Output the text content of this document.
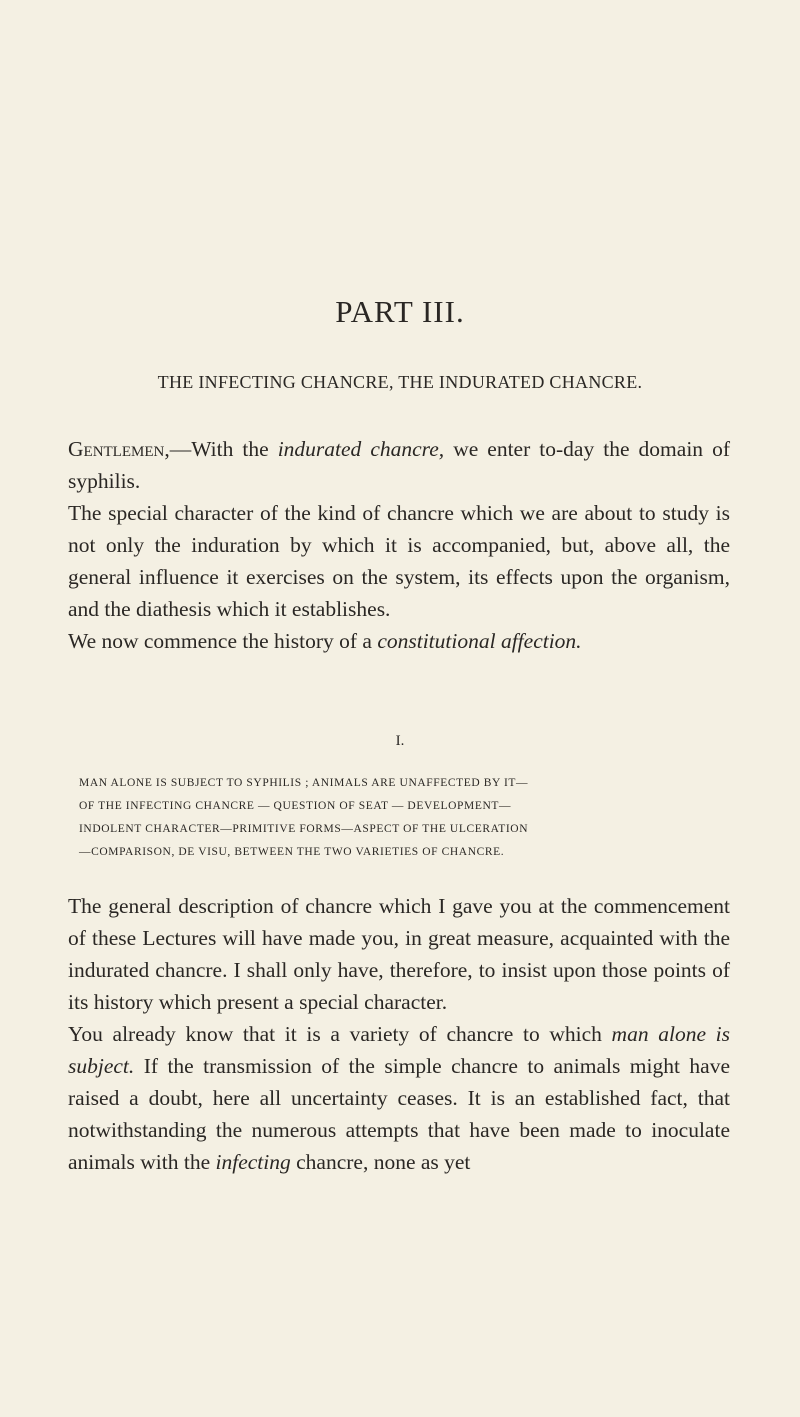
PART III.
THE INFECTING CHANCRE, THE INDURATED CHANCRE.

Gentlemen,—With the indurated chancre, we enter to-day the domain of syphilis.

The special character of the kind of chancre which we are about to study is not only the induration by which it is accompanied, but, above all, the general influence it exercises on the system, its effects upon the organism, and the diathesis which it establishes.

We now commence the history of a constitutional affection.

I.
MAN ALONE IS SUBJECT TO SYPHILIS ; ANIMALS ARE UNAFFECTED BY IT—
OF THE INFECTING CHANCRE — QUESTION OF SEAT — DEVELOPMENT—
INDOLENT CHARACTER—PRIMITIVE FORMS—ASPECT OF THE ULCERATION
—COMPARISON, DE VISU, BETWEEN THE TWO VARIETIES OF CHANCRE.

The general description of chancre which I gave you at the commencement of these Lectures will have made you, in great measure, acquainted with the indurated chancre. I shall only have, therefore, to insist upon those points of its history which present a special character.

You already know that it is a variety of chancre to which man alone is subject. If the transmission of the simple chancre to animals might have raised a doubt, here all uncertainty ceases. It is an established fact, that notwithstanding the numerous attempts that have been made to inoculate animals with the infecting chancre, none as yet
